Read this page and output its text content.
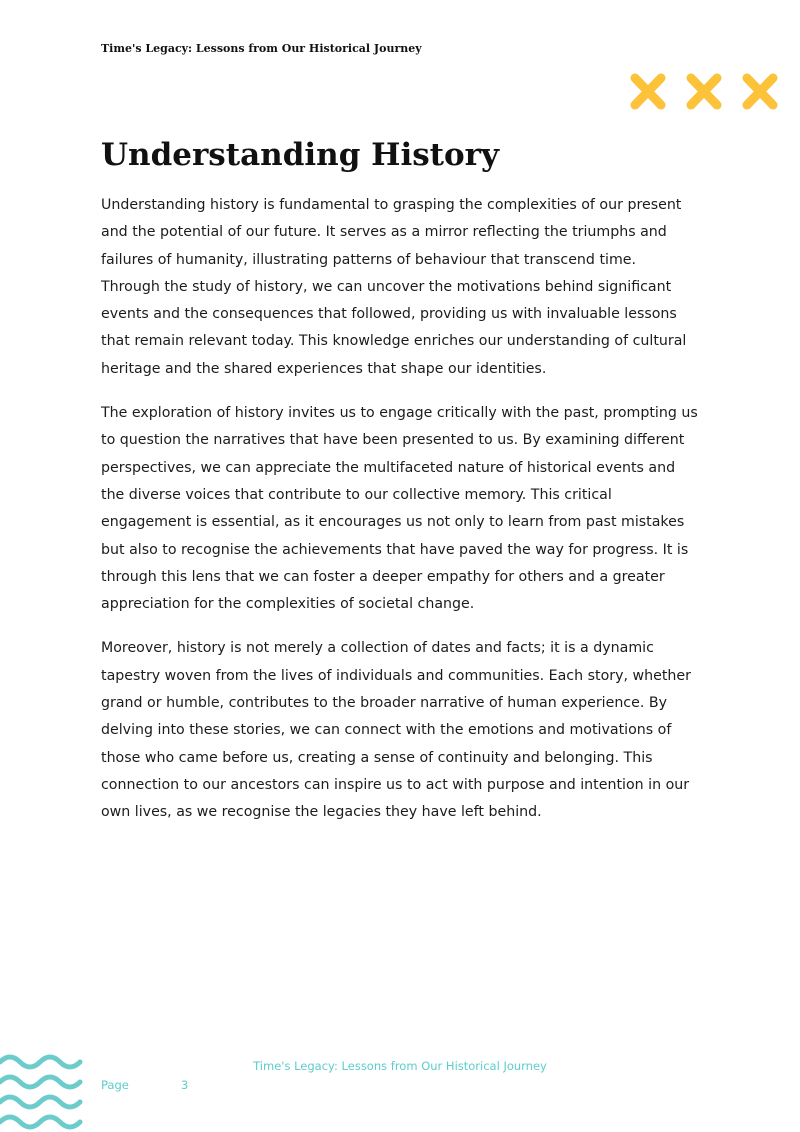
Time's Legacy: Lessons from Our Historical Journey
Understanding History

Understanding history is fundamental to grasping the complexities of our present and the potential of our future. It serves as a mirror reflecting the triumphs and failures of humanity, illustrating patterns of behaviour that transcend time. Through the study of history, we can uncover the motivations behind significant events and the consequences that followed, providing us with invaluable lessons that remain relevant today. This knowledge enriches our understanding of cultural heritage and the shared experiences that shape our identities.

The exploration of history invites us to engage critically with the past, prompting us to question the narratives that have been presented to us. By examining different perspectives, we can appreciate the multifaceted nature of historical events and the diverse voices that contribute to our collective memory. This critical engagement is essential, as it encourages us not only to learn from past mistakes but also to recognise the achievements that have paved the way for progress. It is through this lens that we can foster a deeper empathy for others and a greater appreciation for the complexities of societal change.

Moreover, history is not merely a collection of dates and facts; it is a dynamic tapestry woven from the lives of individuals and communities. Each story, whether grand or humble, contributes to the broader narrative of human experience. By delving into these stories, we can connect with the emotions and motivations of those who came before us, creating a sense of continuity and belonging. This connection to our ancestors can inspire us to act with purpose and intention in our own lives, as we recognise the legacies they have left behind.

Time's Legacy: Lessons from Our Historical Journey
Page	3
